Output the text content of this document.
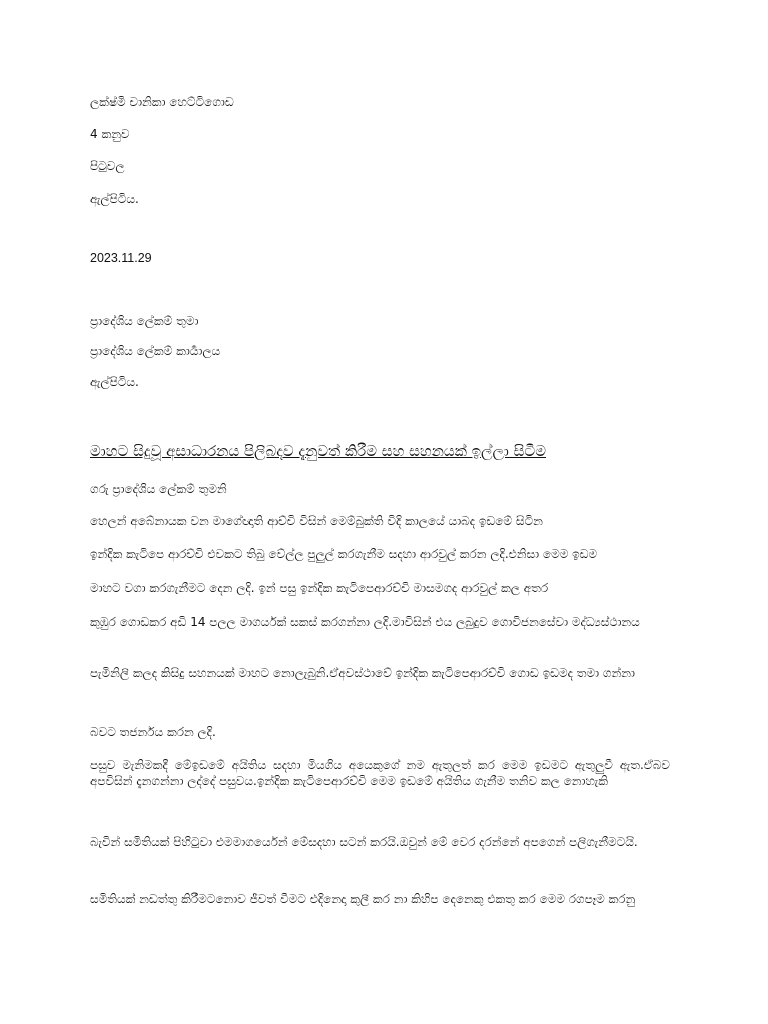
ලක්ෂ්මි චානිකා හෙට්ටිගොඩ
4 කනුව
පිටුවල
ඇල්පිටිය.
2023.11.29
ප්‍රාදේශිය ලේකම් තුමා
ප්‍රාදේශිය ලේකම් කාර්‍යාලය
ඇල්පිටිය.
මාහට සිදුවූ අසාධාරනය පිලිබදව දැනුවත් කිරීම සහ සහනයක් ඉල්ලා සිටීම
ගරු ප්‍රාදේශිය ලේකම් තුමනි
හෙලන් අබේනායක වන මාගේඥාති ආච්චි විසින් මෙම්බුක්ති විදි කාලයේ යාබද ඉඩමේ සිටින
ඉන්දික කැටිපෙ ආරච්චි එවකට තිබු වේල්ල පුලුල් කරගැනීම සදහා ආරවුල් කරන ලදි.එනිසා මෙම ඉඩම
මාහට වගා කරගැනීමට දෙන ලදි. ඉන් පසු ඉන්දික කැටිපෙආරච්චි මාසමගද ආරවුල් කල අතර
කුඹුර ගොඩකර අඩි 14 පලල මාගර්යක් සකස් කරගන්නා ලදි.මාවිසින් එය ලබුදුව ගොවිජනසේවා මද්ධ්‍යස්ථානය
පැමිනිලි කලද කිසිදු සහනයක් මාහට නොලැබුනි.ඒඅවස්ථාවේ ඉන්දික කැටිපෙආරච්චි ගොඩ ඉඩමද තමා ගන්නා
බවට තජර්නය කරන ලදි.
පසුව මැනිමකදී මේඉඩමේ අයිතිය සදහා මියගිය අයෙකුගේ නම ඇතුලත් කර මෙම ඉඩමට ඇතුලුවී ඇත.ඒබව අපවිසින් දැනගන්නා ලද්දේ පසුවය.ඉන්දික කැටිපෙආරච්චි මෙම ඉඩමේ අයිතිය ගැනීම තනිව කල නොහැකි
බැවින් සමිතියක් පිහිටුවා එමමාගර්යෙන් මේසදහා සටන් කරයි.ඔවුන් මේ වෙර දරන්නේ අපගෙන් පලිගැනීමටයි.
සමිතියක් නඩත්තු කිරීමටනොව ජීවත් වීමට එදිනෙදා කුලී කර නා කිහිප දෙනෙකු එකතු කර මෙම රගපෑම කරනු
